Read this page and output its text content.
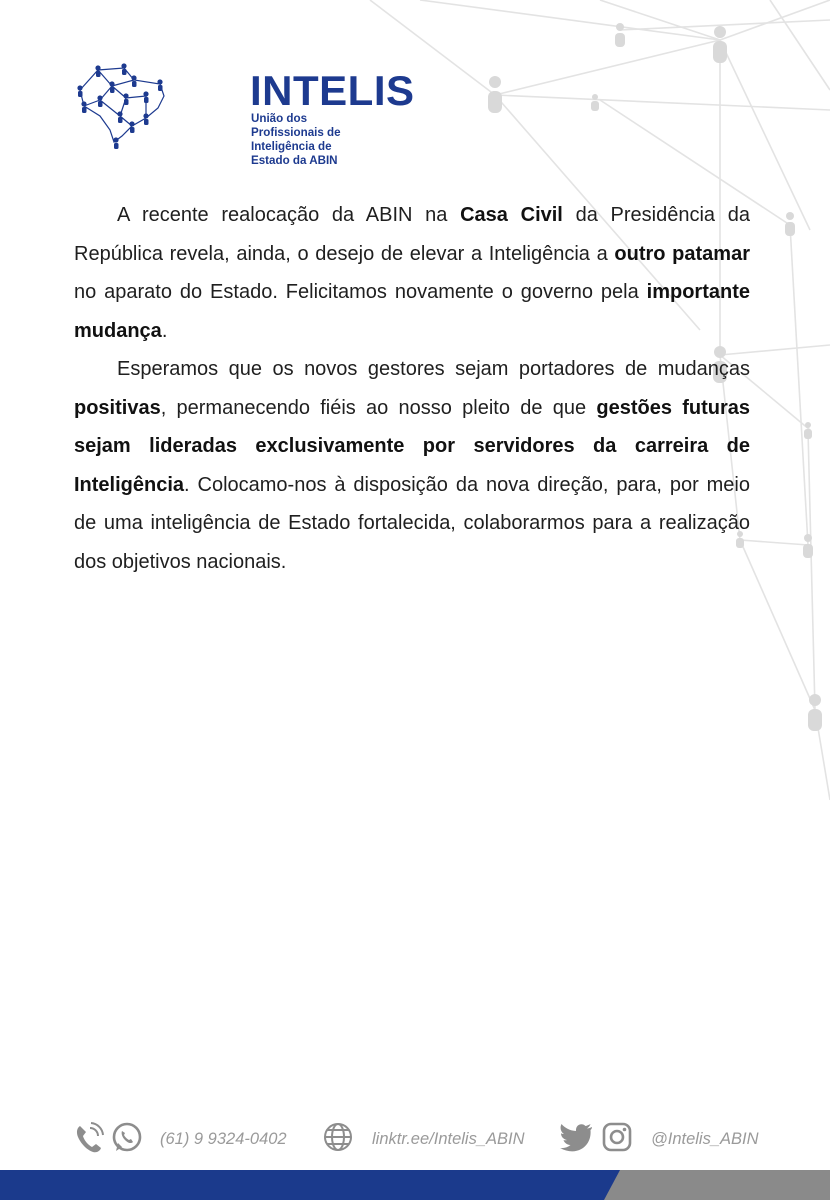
INTELIS
União dos Profissionais de
Inteligência de Estado da ABIN

A recente realocação da ABIN na Casa Civil da Presidência da República revela, ainda, o desejo de elevar a Inteligência a outro patamar no aparato do Estado. Felicitamos novamente o governo pela importante mudança.

Esperamos que os novos gestores sejam portadores de mudanças positivas, permanecendo fiéis ao nosso pleito de que gestões futuras sejam lideradas exclusivamente por servidores da carreira de Inteligência. Colocamo-nos à disposição da nova direção, para, por meio de uma inteligência de Estado fortalecida, colaborarmos para a realização dos objetivos nacionais.

(61) 9 9324-0402	linktr.ee/Intelis_ABIN	@Intelis_ABIN
